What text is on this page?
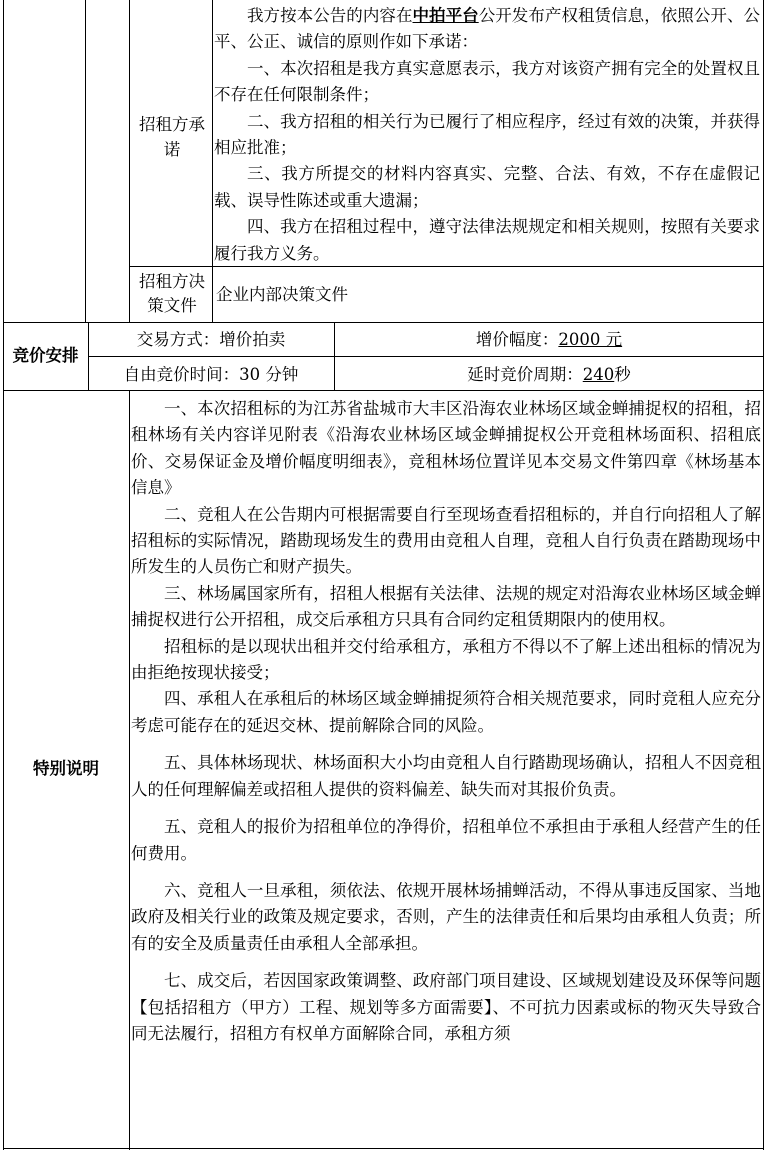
招租方承诺

我方按本公告的内容在中拍平台公开发布产权租赁信息，依照公开、公平、公正、诚信的原则作如下承诺：

一、本次招租是我方真实意愿表示，我方对该资产拥有完全的处置权且不存在任何限制条件；

二、我方招租的相关行为已履行了相应程序，经过有效的决策，并获得相应批准；

三、我方所提交的材料内容真实、完整、合法、有效，不存在虚假记载、误导性陈述或重大遗漏；

四、我方在招租过程中，遵守法律法规规定和相关规则，按照有关要求履行我方义务。

招租方决策文件
企业内部决策文件
竞价安排
交易方式：增价拍卖	增价幅度：2000 元
自由竞价时间：30 分钟	延时竞价周期：240秒
特别说明

一、本次招租标的为江苏省盐城市大丰区沿海农业林场区域金蝉捕捉权的招租，招租林场有关内容详见附表《沿海农业林场区域金蝉捕捉权公开竞租林场面积、招租底价、交易保证金及增价幅度明细表》，竞租林场位置详见本交易文件第四章《林场基本信息》

二、竞租人在公告期内可根据需要自行至现场查看招租标的，并自行向招租人了解招租标的实际情况，踏勘现场发生的费用由竞租人自理，竞租人自行负责在踏勘现场中所发生的人员伤亡和财产损失。

三、林场属国家所有，招租人根据有关法律、法规的规定对沿海农业林场区域金蝉捕捉权进行公开招租，成交后承租方只具有合同约定租赁期限内的使用权。

招租标的是以现状出租并交付给承租方，承租方不得以不了解上述出租标的情况为由拒绝按现状接受；

四、承租人在承租后的林场区域金蝉捕捉须符合相关规范要求，同时竞租人应充分考虑可能存在的延迟交林、提前解除合同的风险。

五、具体林场现状、林场面积大小均由竞租人自行踏勘现场确认，招租人不因竞租人的任何理解偏差或招租人提供的资料偏差、缺失而对其报价负责。

五、竞租人的报价为招租单位的净得价，招租单位不承担由于承租人经营产生的任何费用。

六、竞租人一旦承租，须依法、依规开展林场捕蝉活动，不得从事违反国家、当地政府及相关行业的政策及规定要求，否则，产生的法律责任和后果均由承租人负责；所有的安全及质量责任由承租人全部承担。

七、成交后，若因国家政策调整、政府部门项目建设、区域规划建设及环保等问题【包括招租方（甲方）工程、规划等多方面需要】、不可抗力因素或标的物灭失导致合同无法履行，招租方有权单方面解除合同，承租方须
